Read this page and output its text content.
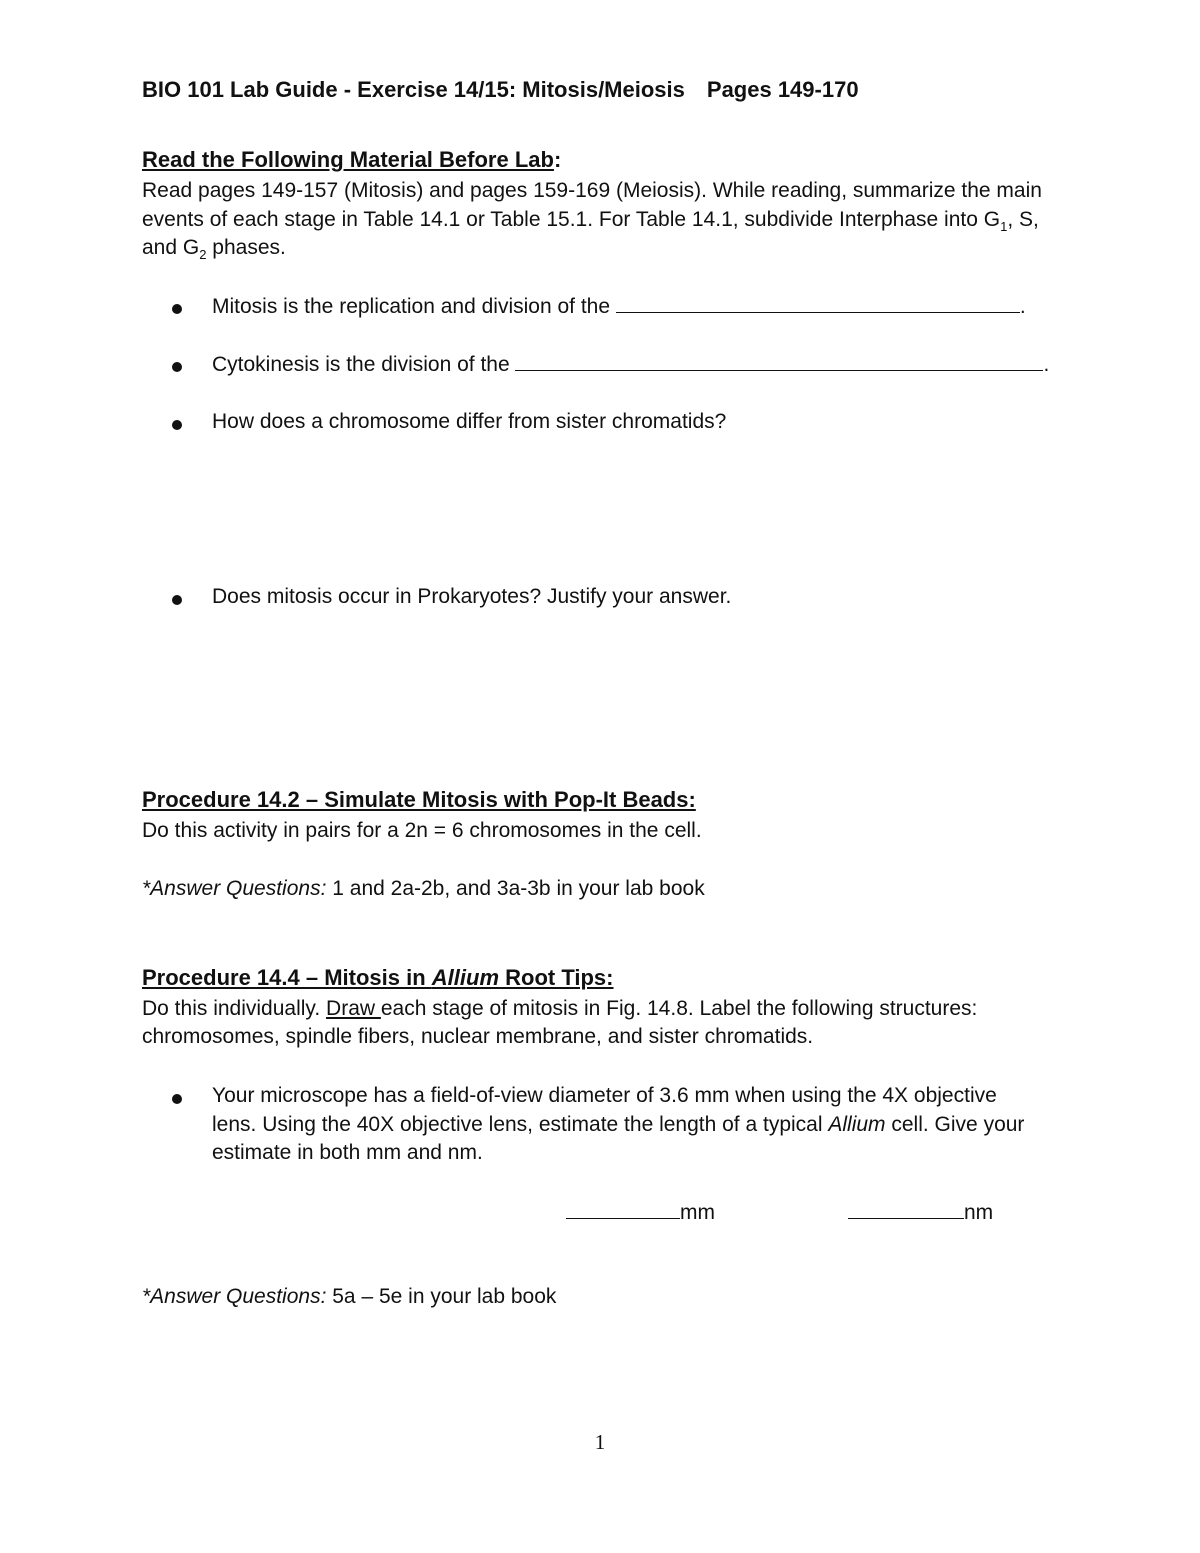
BIO 101 Lab Guide - Exercise 14/15: Mitosis/Meiosis Pages 149-170
Read the Following Material Before Lab:
Read pages 149-157 (Mitosis) and pages 159-169 (Meiosis). While reading, summarize the main
events of each stage in Table 14.1 or Table 15.1. For Table 14.1, subdivide Interphase into $G_1$, S,
and $G_2$ phases.
Mitosis is the replication and division of the	.
Cytokinesis is the division of the	.
How does a chromosome differ from sister chromatids?
Does mitosis occur in Prokaryotes? Justify your answer.
Procedure 14.2 – Simulate Mitosis with Pop-It Beads:
Do this activity in pairs for a 2n = 6 chromosomes in the cell.
*Answer Questions: 1 and 2a-2b, and 3a-3b in your lab book
Procedure 14.4 – Mitosis in Allium Root Tips:
Do this individually. Draw each stage of mitosis in Fig. 14.8. Label the following structures:
chromosomes, spindle fibers, nuclear membrane, and sister chromatids.
Your microscope has a field-of-view diameter of 3.6 mm when using the 4X objective
lens. Using the 40X objective lens, estimate the length of a typical Allium cell. Give your
estimate in both mm and nm.
mm	nm
*Answer Questions: 5a – 5e in your lab book
1
